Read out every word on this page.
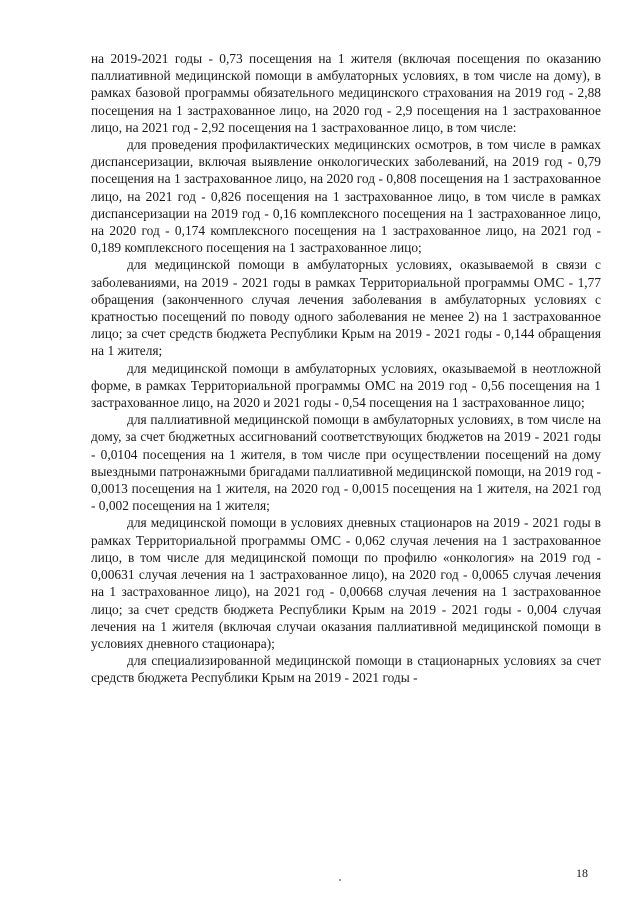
на 2019-2021 годы - 0,73 посещения на 1 жителя (включая посещения по оказанию паллиативной медицинской помощи в амбулаторных условиях, в том числе на дому), в рамках базовой программы обязательного медицинского страхования на 2019 год - 2,88 посещения на 1 застрахованное лицо, на 2020 год - 2,9 посещения на 1 застрахованное лицо, на 2021 год - 2,92 посещения на 1 застрахованное лицо, в том числе:

для проведения профилактических медицинских осмотров, в том числе в рамках диспансеризации, включая выявление онкологических заболеваний, на 2019 год - 0,79 посещения на 1 застрахованное лицо, на 2020 год - 0,808 посещения на 1 застрахованное лицо, на 2021 год - 0,826 посещения на 1 застрахованное лицо, в том числе в рамках диспансеризации на 2019 год - 0,16 комплексного посещения на 1 застрахованное лицо, на 2020 год - 0,174 комплексного посещения на 1 застрахованное лицо, на 2021 год - 0,189 комплексного посещения на 1 застрахованное лицо;

для медицинской помощи в амбулаторных условиях, оказываемой в связи с заболеваниями, на 2019 - 2021 годы в рамках Территориальной программы ОМС - 1,77 обращения (законченного случая лечения заболевания в амбулаторных условиях с кратностью посещений по поводу одного заболевания не менее 2) на 1 застрахованное лицо; за счет средств бюджета Республики Крым на 2019 - 2021 годы - 0,144 обращения на 1 жителя;

для медицинской помощи в амбулаторных условиях, оказываемой в неотложной форме, в рамках Территориальной программы ОМС на 2019 год - 0,56 посещения на 1 застрахованное лицо, на 2020 и 2021 годы - 0,54 посещения на 1 застрахованное лицо;

для паллиативной медицинской помощи в амбулаторных условиях, в том числе на дому, за счет бюджетных ассигнований соответствующих бюджетов на 2019 - 2021 годы - 0,0104 посещения на 1 жителя, в том числе при осуществлении посещений на дому выездными патронажными бригадами паллиативной медицинской помощи, на 2019 год - 0,0013 посещения на 1 жителя, на 2020 год - 0,0015 посещения на 1 жителя, на 2021 год - 0,002 посещения на 1 жителя;

для медицинской помощи в условиях дневных стационаров на 2019 - 2021 годы в рамках Территориальной программы ОМС - 0,062 случая лечения на 1 застрахованное лицо, в том числе для медицинской помощи по профилю «онкология» на 2019 год - 0,00631 случая лечения на 1 застрахованное лицо), на 2020 год - 0,0065 случая лечения на 1 застрахованное лицо), на 2021 год - 0,00668 случая лечения на 1 застрахованное лицо; за счет средств бюджета Республики Крым на 2019 - 2021 годы - 0,004 случая лечения на 1 жителя (включая случаи оказания паллиативной медицинской помощи в условиях дневного стационара);

для специализированной медицинской помощи в стационарных условиях за счет средств бюджета Республики Крым на 2019 - 2021 годы -

18
